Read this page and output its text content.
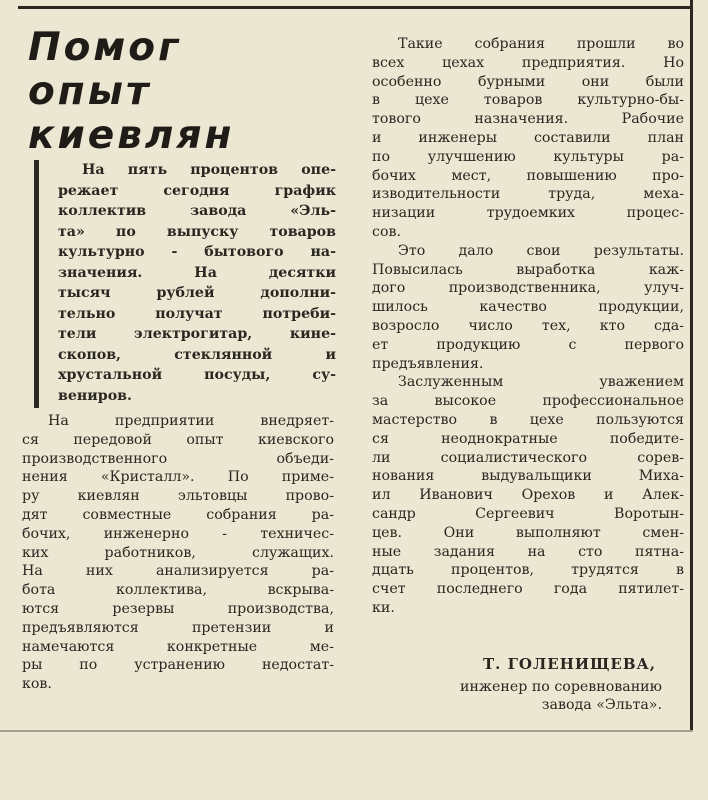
Помог
опыт
киевлян
На пять процентов опе-
режает сегодня график
коллектив завода «Эль-
та» по выпуску товаров
культурно - бытового на-
значения. На десятки
тысяч рублей дополни-
тельно получат потреби-
тели электрогитар, кине-
скопов, стеклянной и
хрустальной посуды, су-
вениров.
На предприятии внедряет-
ся передовой опыт киевского
производственного объеди-
нения «Кристалл». По приме-
ру киевлян эльтовцы прово-
дят совместные собрания ра-
бочих, инженерно - техничес-
ких работников, служащих.
На них анализируется ра-
бота коллектива, вскрыва-
ются резервы производства,
предъявляются претензии и
намечаются конкретные ме-
ры по устранению недостат-
ков.
Такие собрания прошли во
всех цехах предприятия. Но
особенно бурными они были
в цехе товаров культурно-бы-
тового назначения. Рабочие
и инженеры составили план
по улучшению культуры ра-
бочих мест, повышению про-
изводительности труда, меха-
низации трудоемких процес-
сов.
Это дало свои результаты.
Повысилась выработка каж-
дого производственника, улуч-
шилось качество продукции,
возросло число тех, кто сда-
ет продукцию с первого
предъявления.
Заслуженным уважением
за высокое профессиональное
мастерство в цехе пользуются
ся неоднократные победите-
ли социалистического сорев-
нования выдувальщики Миха-
ил Иванович Орехов и Алек-
сандр Сергеевич Воротын-
цев. Они выполняют смен-
ные задания на сто пятна-
дцать процентов, трудятся в
счет последнего года пятилет-
ки.
Т. ГОЛЕНИЩЕВА,
инженер по соревнованию
завода «Эльта».
